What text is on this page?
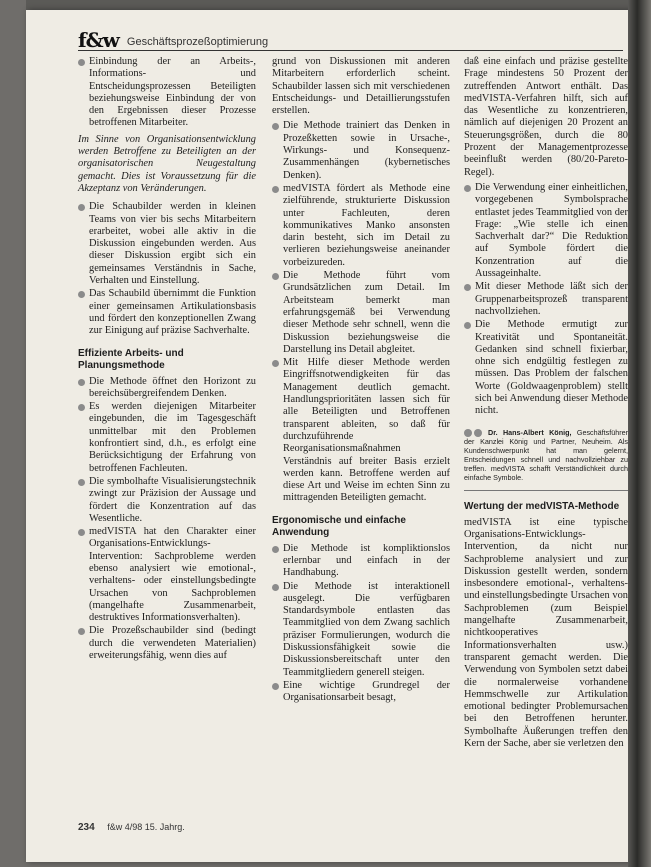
f&w Geschäftsprozeßoptimierung

Einbindung der an Arbeits-, Informations- und Entscheidungsprozessen Beteiligten beziehungsweise Einbindung der von den Ergebnissen dieser Prozesse betroffenen Mitarbeiter.

Im Sinne von Organisationsentwicklung werden Betroffene zu Beteiligten an der organisatorischen Neugestaltung gemacht. Dies ist Voraussetzung für die Akzeptanz von Veränderungen.

Die Schaubilder werden in kleinen Teams von vier bis sechs Mitarbeitern erarbeitet, wobei alle aktiv in die Diskussion eingebunden werden. Aus dieser Diskussion ergibt sich ein gemeinsames Verständnis in Sache, Verhalten und Einstellung.

Das Schaubild übernimmt die Funktion einer gemeinsamen Artikulationsbasis und fördert den konzeptionellen Zwang zur Einigung auf präzise Sachverhalte.

Effiziente Arbeits- und Planungsmethode

Die Methode öffnet den Horizont zu bereichsübergreifendem Denken.

Es werden diejenigen Mitarbeiter eingebunden, die im Tagesgeschäft unmittelbar mit den Problemen konfrontiert sind, d.h., es erfolgt eine Berücksichtigung der Erfahrung von betroffenen Fachleuten.

Die symbolhafte Visualisierungstechnik zwingt zur Präzision der Aussage und fördert die Konzentration auf das Wesentliche.

medVISTA hat den Charakter einer Organisations-Entwicklungs-Intervention: Sachprobleme werden ebenso analysiert wie emotional-, verhaltens- oder einstellungsbedingte Ursachen von Sachproblemen (mangelhafte Zusammenarbeit, destruktives Informationsverhalten).

Die Prozeßschaubilder sind (bedingt durch die verwendeten Materialien) erweiterungsfähig, wenn dies auf

grund von Diskussionen mit anderen Mitarbeitern erforderlich scheint. Schaubilder lassen sich mit verschiedenen Entscheidungs- und Detaillierungsstufen erstellen.

Die Methode trainiert das Denken in Prozeßketten sowie in Ursache-, Wirkungs- und Konsequenz-Zusammenhängen (kybernetisches Denken).

medVISTA fördert als Methode eine zielführende, strukturierte Diskussion unter Fachleuten, deren kommunikatives Manko ansonsten darin besteht, sich im Detail zu verlieren beziehungsweise aneinander vorbeizureden.

Die Methode führt vom Grundsätzlichen zum Detail. Im Arbeitsteam bemerkt man erfahrungsgemäß bei Verwendung dieser Methode sehr schnell, wenn die Diskussion beziehungsweise die Darstellung ins Detail abgleitet.

Mit Hilfe dieser Methode werden Eingriffsnotwendigkeiten für das Management deutlich gemacht. Handlungsprioritäten lassen sich für alle Beteiligten und Betroffenen transparent ableiten, so daß für durchzuführende Reorganisationsmaßnahmen Verständnis auf breiter Basis erzielt werden kann. Betroffene werden auf diese Art und Weise im echten Sinn zu mittragenden Beteiligten gemacht.

Ergonomische und einfache Anwendung

Die Methode ist kompliktionslos erlernbar und einfach in der Handhabung.

Die Methode ist interaktionell ausgelegt. Die verfügbaren Standardsymbole entlasten das Teammitglied von dem Zwang sachlich präziser Formulierungen, wodurch die Diskussionsfähigkeit sowie die Diskussionsbereitschaft unter den Teammitgliedern generell steigen.

Eine wichtige Grundregel der Organisationsarbeit besagt,

daß eine einfach und präzise gestellte Frage mindestens 50 Prozent der zutreffenden Antwort enthält. Das medVISTA-Verfahren hilft, sich auf das Wesentliche zu konzentrieren, nämlich auf diejenigen 20 Prozent an Steuerungsgrößen, durch die 80 Prozent der Managementprozesse beeinflußt werden (80/20-Pareto-Regel).

Die Verwendung einer einheitlichen, vorgegebenen Symbolsprache entlastet jedes Teammitglied von der Frage: „Wie stelle ich einen Sachverhalt dar?“ Die Reduktion auf Symbole fördert die Konzentration auf die Aussageinhalte.

Mit dieser Methode läßt sich der Gruppenarbeitsprozeß transparent nachvollziehen.

Die Methode ermutigt zur Kreativität und Spontaneität. Gedanken sind schnell fixierbar, ohne sich endgültig festlegen zu müssen. Das Problem der falschen Worte (Goldwaagenproblem) stellt sich bei Anwendung dieser Methode nicht.

Dr. Hans-Albert König, Geschäftsführer der Kanzlei König und Partner, Neuheim. Als Kundenschwerpunkt hat man gelernt, Entscheidungen schnell und nachvollziehbar zu treffen. medVISTA schafft Verständlichkeit durch einfache Symbole.

Wertung der medVISTA-Methode

medVISTA ist eine typische Organisations-Entwicklungs-Intervention, da nicht nur Sachprobleme analysiert und zur Diskussion gestellt werden, sondern insbesondere emotional-, verhaltens- und einstellungsbedingte Ursachen von Sachproblemen (zum Beispiel mangelhafte Zusammenarbeit, nichtkooperatives Informationsverhalten usw.) transparent gemacht werden. Die Verwendung von Symbolen setzt dabei die normalerweise vorhandene Hemmschwelle zur Artikulation emotional bedingter Problemursachen bei den Betroffenen herunter. Symbolhafte Äußerungen treffen den Kern der Sache, aber sie verletzen den

234 f&w 4/98 15. Jahrg.
